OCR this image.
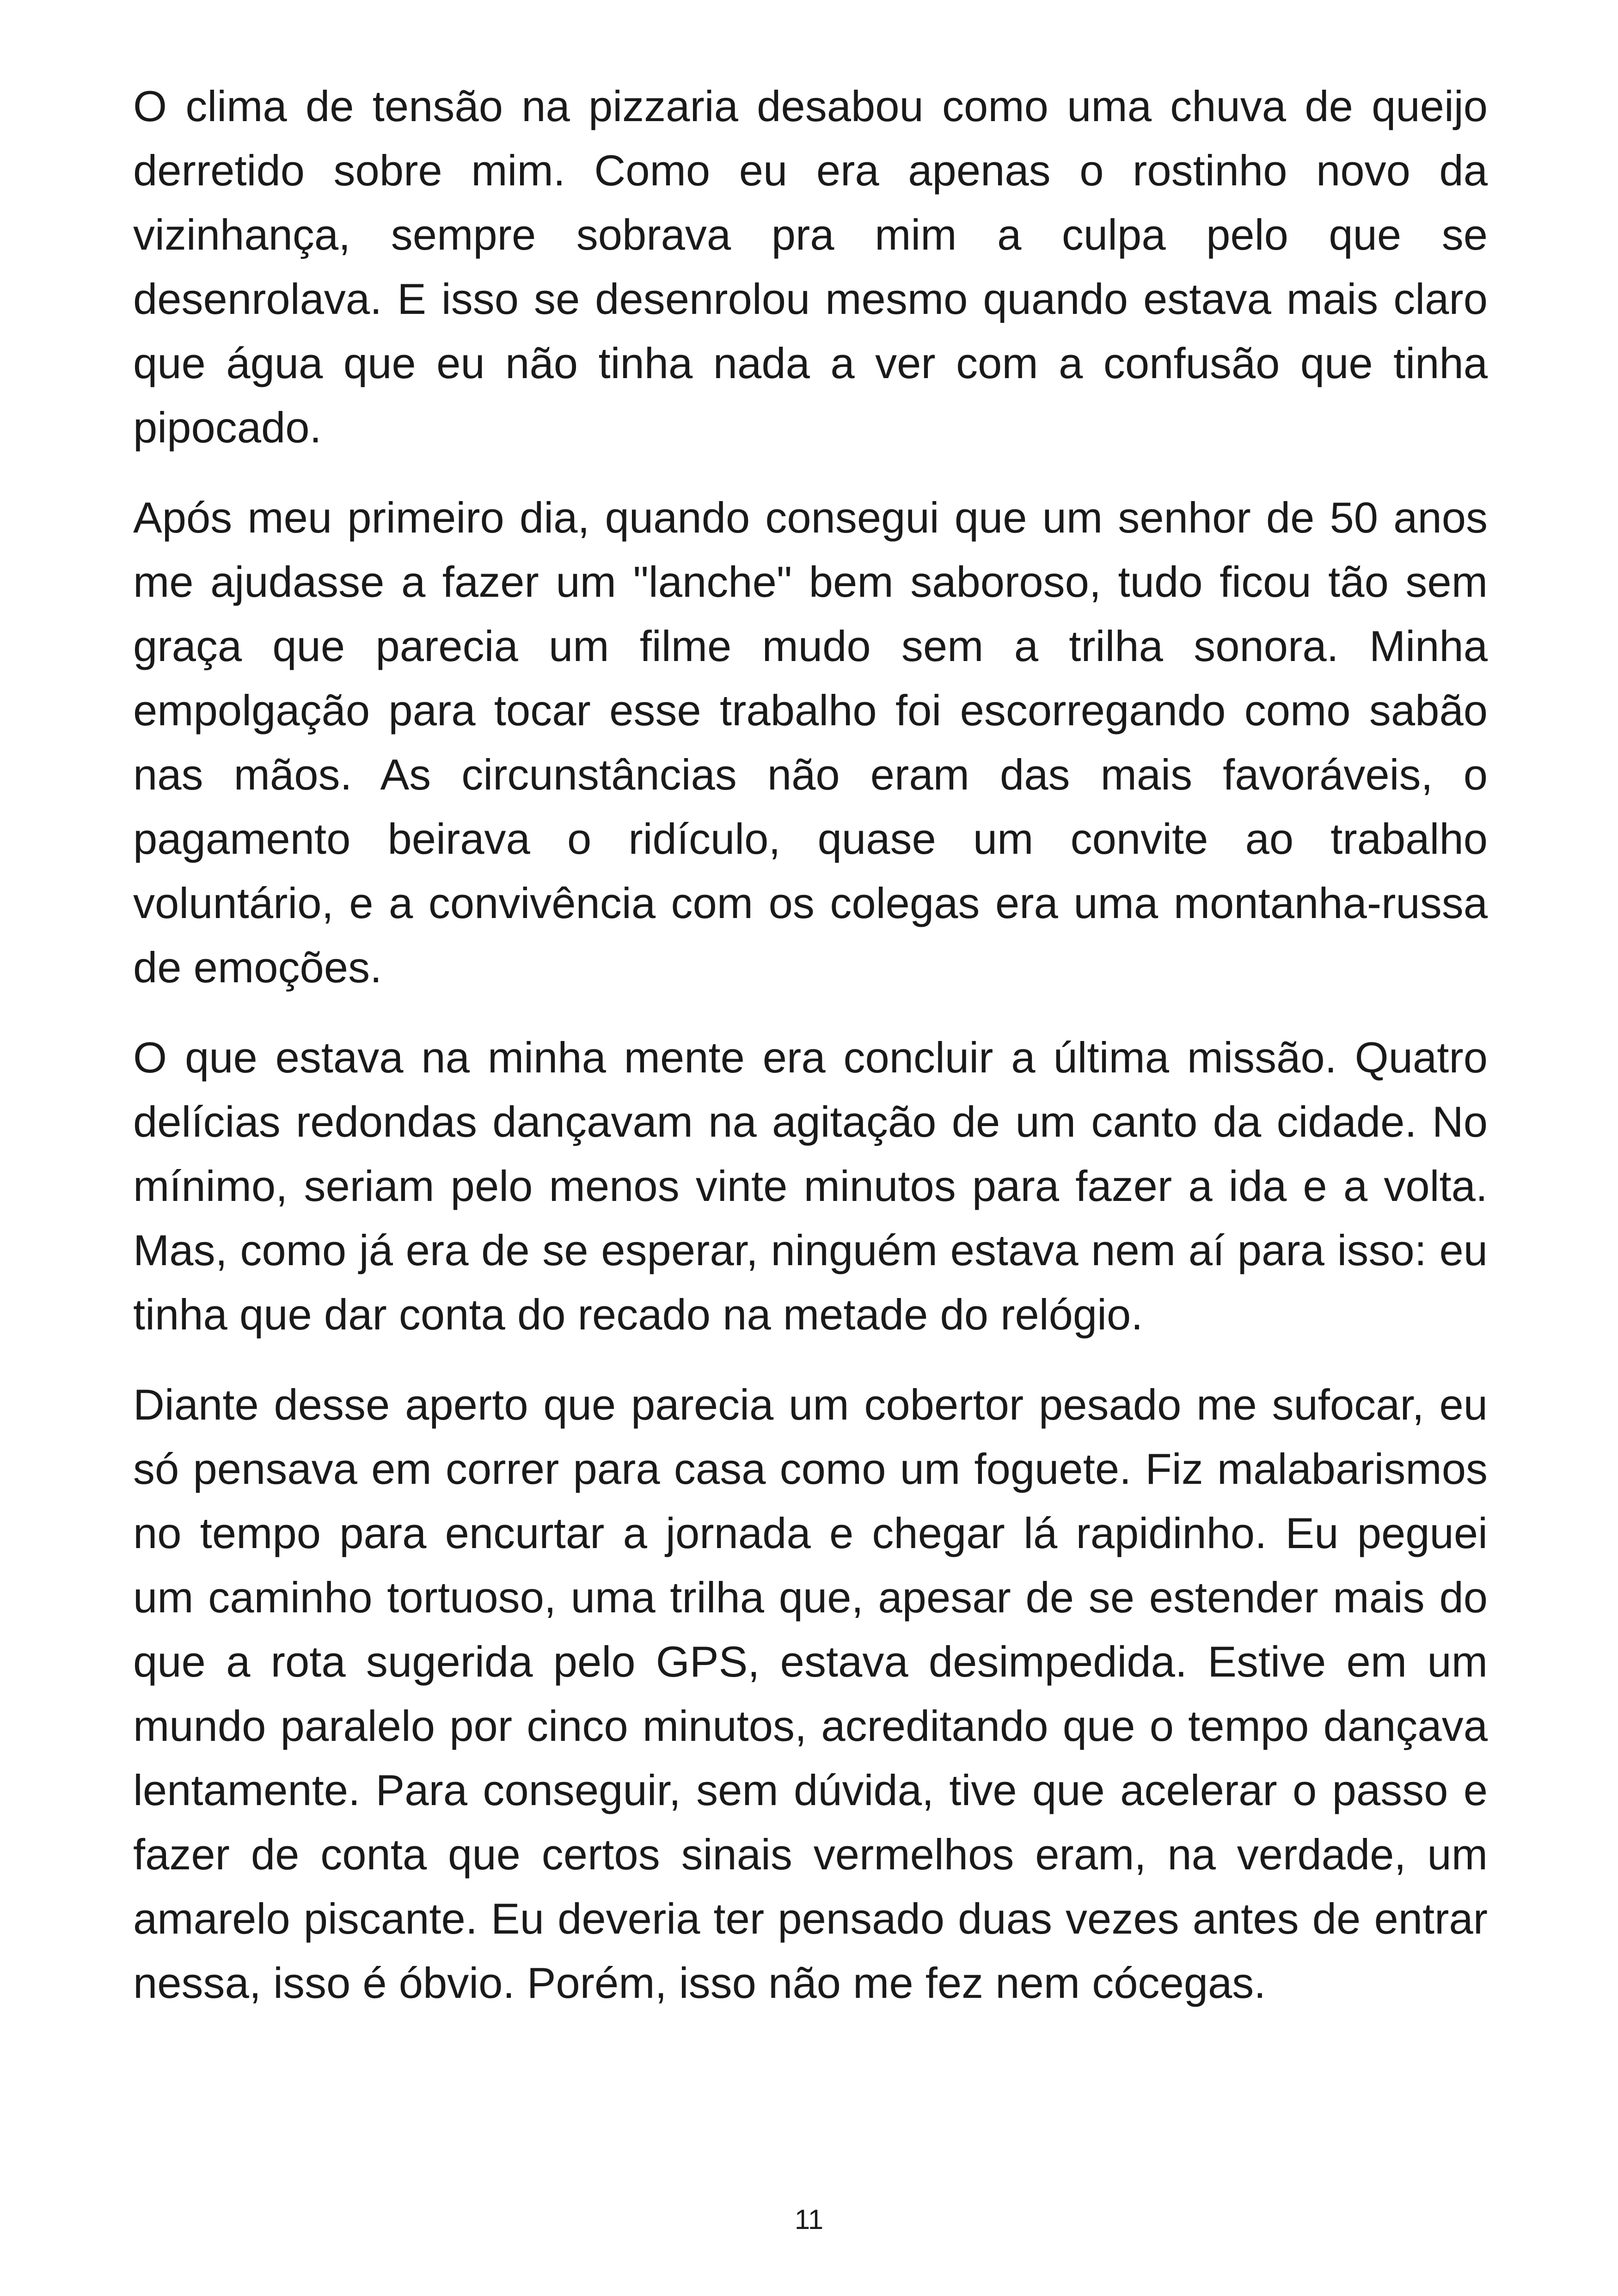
O clima de tensão na pizzaria desabou como uma chuva de queijo derretido sobre mim. Como eu era apenas o rostinho novo da vizinhança, sempre sobrava pra mim a culpa pelo que se desenrolava. E isso se desenrolou mesmo quando estava mais claro que água que eu não tinha nada a ver com a confusão que tinha pipocado.

Após meu primeiro dia, quando consegui que um senhor de 50 anos me ajudasse a fazer um "lanche" bem saboroso, tudo ficou tão sem graça que parecia um filme mudo sem a trilha sonora. Minha empolgação para tocar esse trabalho foi escorregando como sabão nas mãos. As circunstâncias não eram das mais favoráveis, o pagamento beirava o ridículo, quase um convite ao trabalho voluntário, e a convivência com os colegas era uma montanha-russa de emoções.

O que estava na minha mente era concluir a última missão. Quatro delícias redondas dançavam na agitação de um canto da cidade. No mínimo, seriam pelo menos vinte minutos para fazer a ida e a volta. Mas, como já era de se esperar, ninguém estava nem aí para isso: eu tinha que dar conta do recado na metade do relógio.

Diante desse aperto que parecia um cobertor pesado me sufocar, eu só pensava em correr para casa como um foguete. Fiz malabarismos no tempo para encurtar a jornada e chegar lá rapidinho. Eu peguei um caminho tortuoso, uma trilha que, apesar de se estender mais do que a rota sugerida pelo GPS, estava desimpedida. Estive em um mundo paralelo por cinco minutos, acreditando que o tempo dançava lentamente. Para conseguir, sem dúvida, tive que acelerar o passo e fazer de conta que certos sinais vermelhos eram, na verdade, um amarelo piscante. Eu deveria ter pensado duas vezes antes de entrar nessa, isso é óbvio. Porém, isso não me fez nem cócegas.

11
